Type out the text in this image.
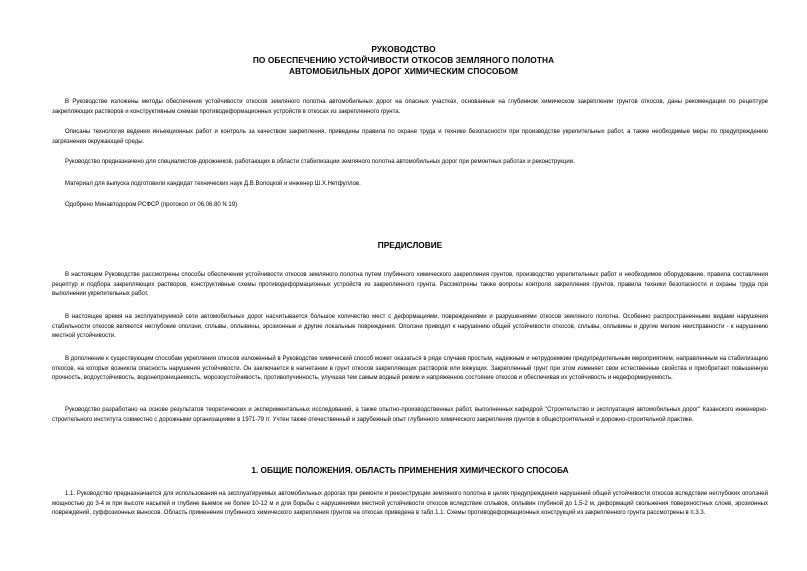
РУКОВОДСТВО
ПО ОБЕСПЕЧЕНИЮ УСТОЙЧИВОСТИ ОТКОСОВ ЗЕМЛЯНОГО ПОЛОТНА
АВТОМОБИЛЬНЫХ ДОРОГ ХИМИЧЕСКИМ СПОСОБОМ

В Руководстве изложены методы обеспечения устойчивости откосов земляного полотна автомобильных дорог на опасных участках, основанные на глубинном химическом закреплении грунтов откосов, даны рекомендации по рецептуре закрепляющих растворов и конструктивным схемам противодеформационных устройств в откосах из закрепленного грунта.

Описаны технология ведения инъекционных работ и контроль за качеством закрепления, приведены правила по охране труда и технике безопасности при производстве укрепительных работ, а также необходимые меры по предупреждению загрязнения окружающей среды.

Руководство предназначено для специалистов-дорожников, работающих в области стабилизации земляного полотна автомобильных дорог при ремонтных работах и реконструкции.

Материал для выпуска подготовили кандидат технических наук Д.В.Волоцкой и инженер Ш.Х.Нетфуллов.

Одобрено Минавтодором РСФСР (протокол от 06.06.80 N 19)

ПРЕДИСЛОВИЕ

В настоящем Руководстве рассмотрены способы обеспечения устойчивости откосов земляного полотна путем глубинного химического закрепления грунтов, производство укрепительных работ и необходимое оборудование, правила составления рецептур и подбора закрепляющих растворов, конструктивные схемы противодеформационных устройств из закрепленного грунта. Рассмотрены также вопросы контроля закрепления грунтов, правила техники безопасности и охраны труда при выполнении укрепительных работ.

В настоящее время на эксплуатируемой сети автомобильных дорог насчитывается большое количество мест с деформациями, повреждениями и разрушениями откосов земляного полотна. Особенно распространенными видами нарушения стабильности откосов являются неглубокие оползни, сплывы, оплывины, эрозионные и другие локальные повреждения. Оползни приводят к нарушению общей устойчивости откосов, сплывы, оплывины и другие мелкие неисправности - к нарушению местной устойчивости.

В дополнение к существующим способам укрепления откосов изложенный в Руководстве химический способ может оказаться в ряде случаев простым, надежным и нетрудоемким предупредительным мероприятием, направленным на стабилизацию откосов, на которых возникла опасность нарушения устойчивости. Он заключается в нагнетании в грунт откосов закрепляющих растворов или вяжущих. Закрепленный грунт при этом изменяет свои естественные свойства и приобретает повышенную прочность, водоустойчивость, водонепроницаемость, морозоустойчивость, противопучинность, улучшая тем самым водный режим и напряженное состояние откосов и обеспечивая их устойчивость и недеформируемость.

Руководство разработано на основе результатов теоретических и экспериментальных исследований, а также опытно-производственных работ, выполненных кафедрой "Строительство и эксплуатация автомобильных дорог" Казанского инженерно-строительного института совместно с дорожными организациями в 1971-79 гг. Учтен также отечественный и зарубежный опыт глубинного химического закрепления грунтов в общестроительной и дорожно-строительной практике.

1. ОБЩИЕ ПОЛОЖЕНИЯ. ОБЛАСТЬ ПРИМЕНЕНИЯ ХИМИЧЕСКОГО СПОСОБА

1.1. Руководство предназначается для использования на эксплуатируемых автомобильных дорогах при ремонте и реконструкции земляного полотна в целях предупреждения нарушений общей устойчивости откосов вследствие неглубоких оползней мощностью до 3-4 м при высоте насыпей и глубине выемок не более 10-12 м и для борьбы с нарушениями местной устойчивости откосов вследствие сплывов, оплывин глубиной до 1,5-2 м, деформаций скольжения поверхностных слоев, эрозионных повреждений, суффозионных выносов. Область применения глубинного химического закрепления грунтов на откосах приведена в табл.1.1. Схемы противодеформационных конструкций из закрепленного грунта рассмотрены в п.3.3.
